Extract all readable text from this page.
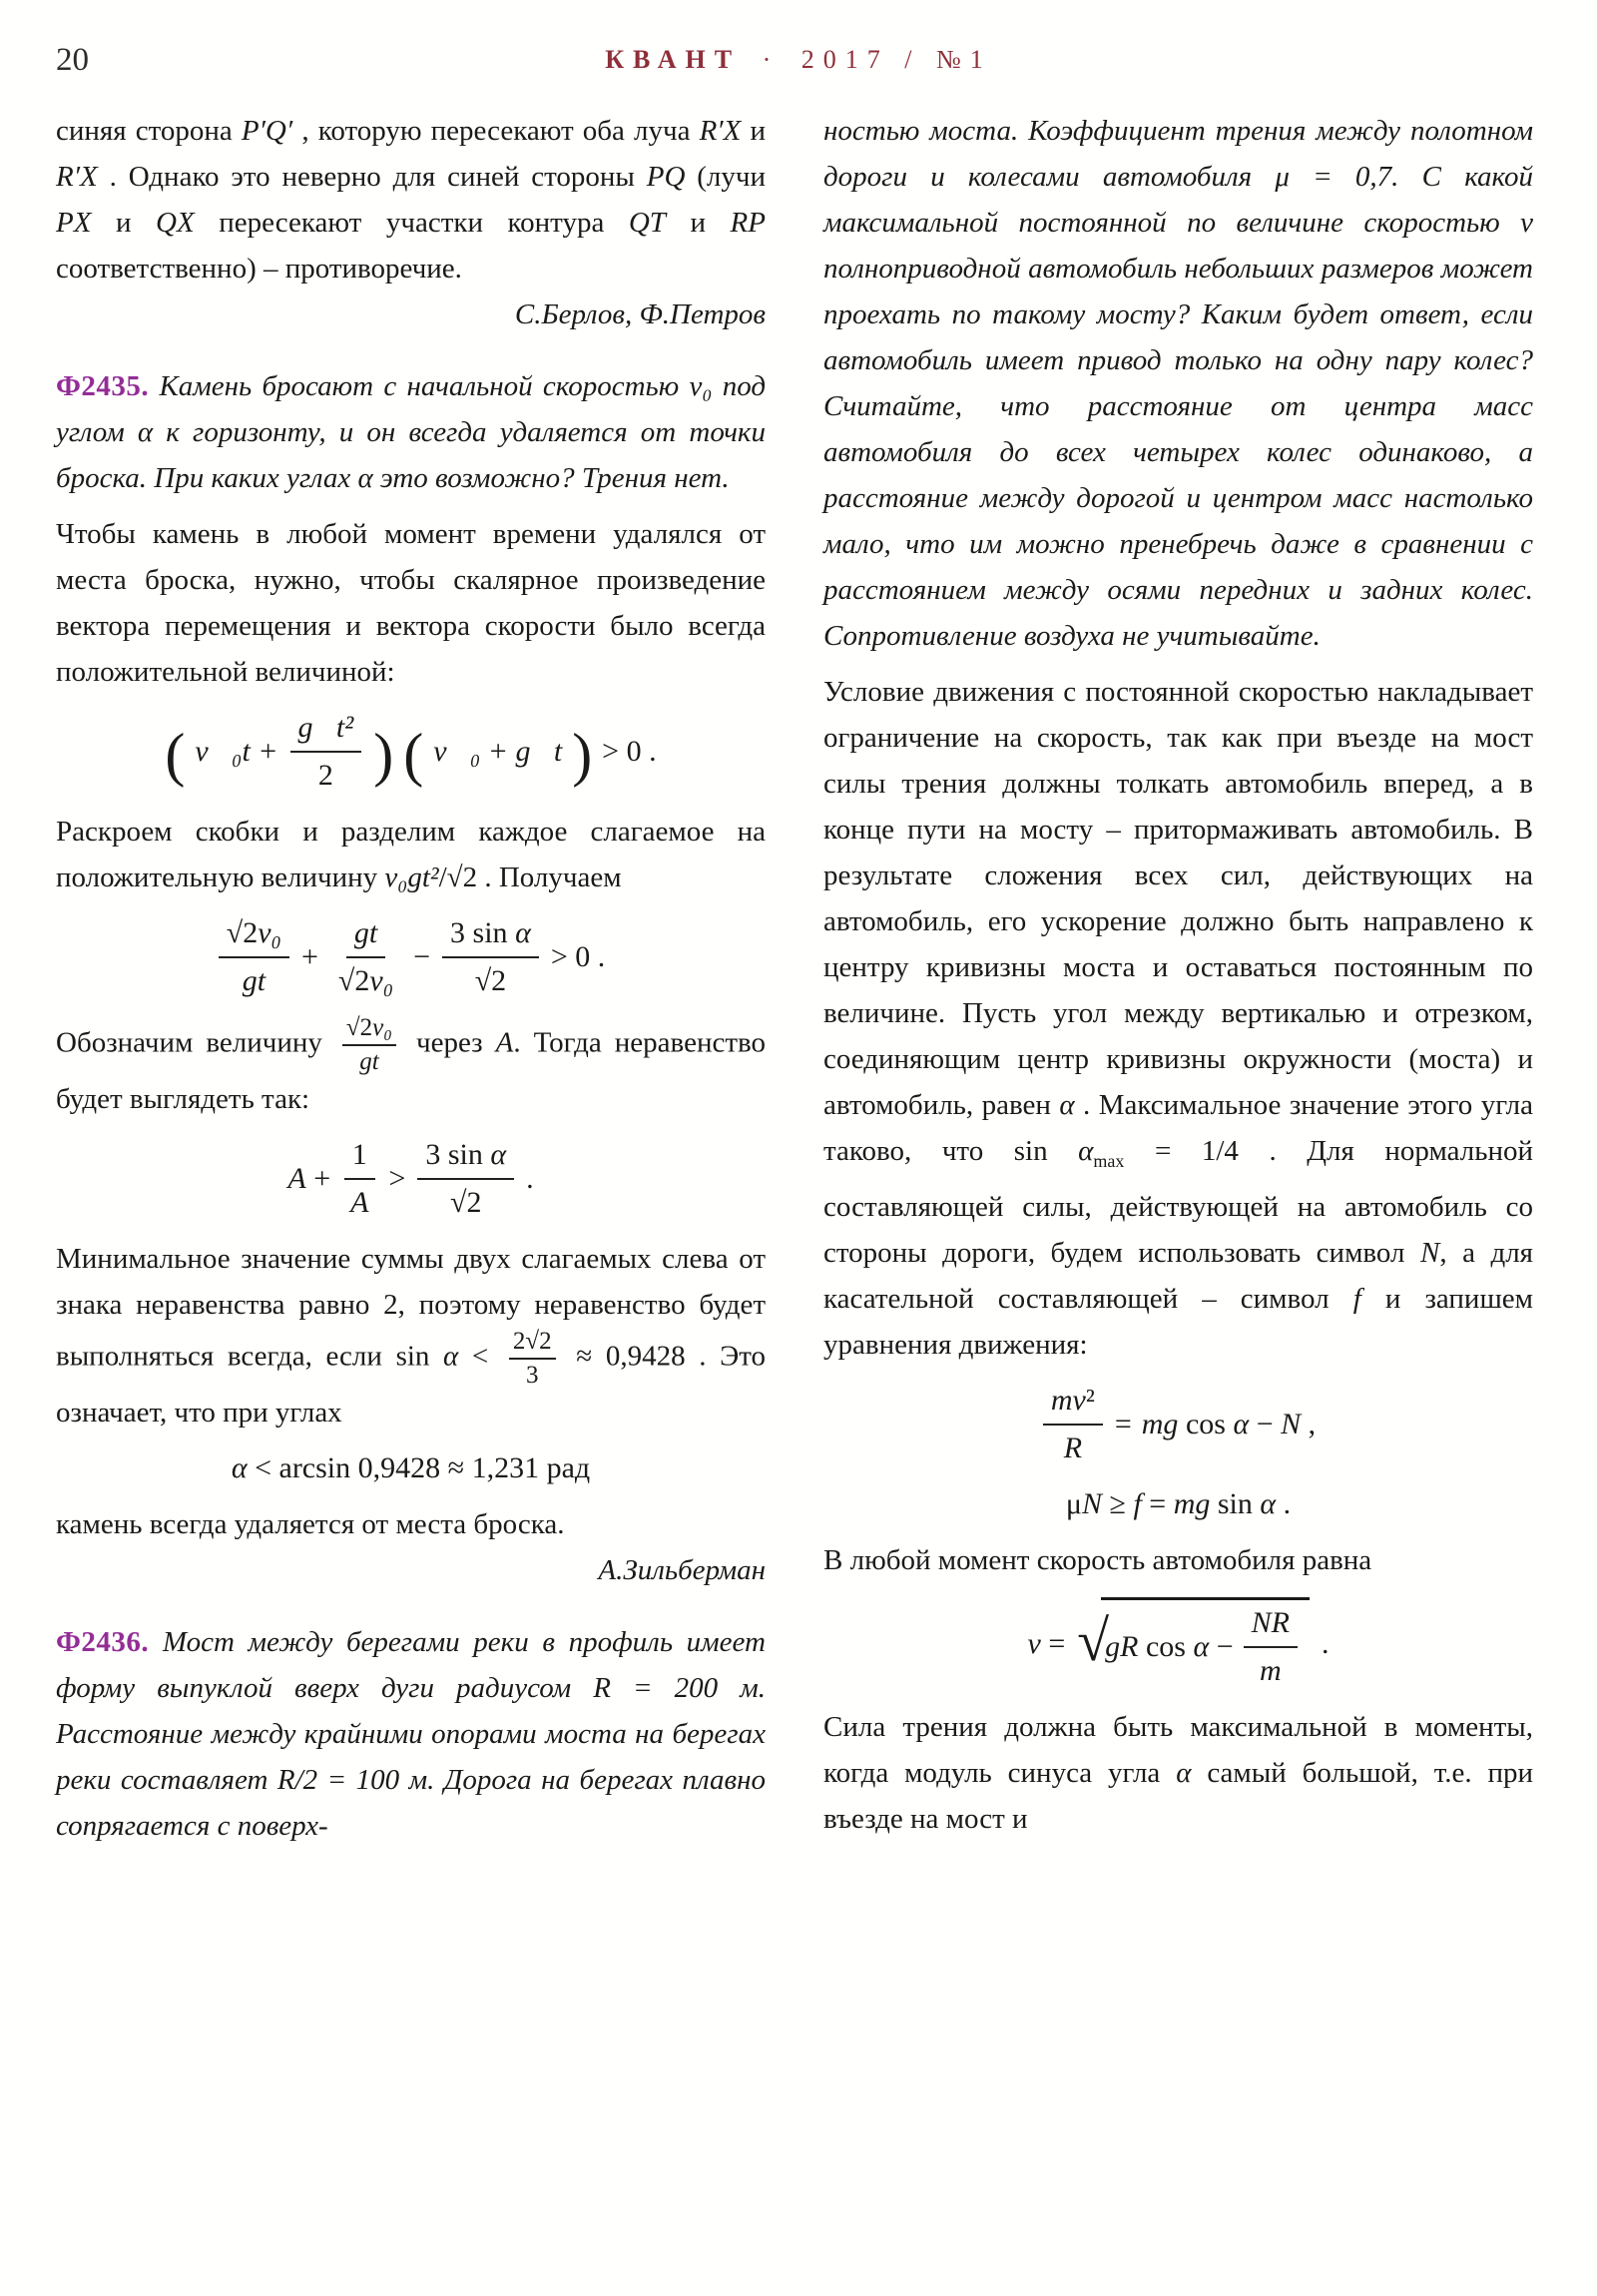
20	КВАНТ · 2017 / №1

синяя сторона P′Q′ , которую пересекают оба луча R′X и R′X . Однако это неверно для синей стороны PQ (лучи PX и QX пересекают участки контура QT и RP соответственно) – противоречие.

С.Берлов, Ф.Петров

Ф2435. Камень бросают с начальной скоростью v₀ под углом α к горизонту, и он всегда удаляется от точки броска. При каких углах α это возможно? Трения нет.

Чтобы камень в любой момент времени удалялся от места броска, нужно, чтобы скалярное произведение вектора перемещения и вектора скорости было всегда положительной величиной:

( v⃗₀t + $\frac{\text{g⃗t²}}{2}$ ) ( v⃗₀ + g⃗t ) > 0 .

Раскроем скобки и разделим каждое слагаемое на положительную величину v₀gt²/√2 . Получаем

$\frac{\text{√2v₀}}{gt} + \frac{gt}{\text{√2v₀}} - \frac{\text{3 sin α}}{√2} > 0$ .

Обозначим величину $\frac{\text{√2v₀}}{gt}$ через A. Тогда неравенство будет выглядеть так:

$A + \frac{1}{A} > \frac{\text{3 sin α}}{√2}$ .

Минимальное значение суммы двух слагаемых слева от знака неравенства равно 2, поэтому неравенство будет выполняться всегда, если $\sin \alpha < \frac{2√2}{3} \approx 0,9428$ . Это означает, что при углах

α < arcsin 0,9428 ≈ 1,231 рад

камень всегда удаляется от места броска.

А.Зильберман

Ф2436. Мост между берегами реки в профиль имеет форму выпуклой вверх дуги радиусом R = 200 м. Расстояние между крайними опорами моста на берегах реки составляет R/2 = 100 м. Дорога на берегах плавно сопрягается с поверх-

ностью моста. Коэффициент трения между полотном дороги и колесами автомобиля μ = 0,7. С какой максимальной постоянной по величине скоростью v полноприводной автомобиль небольших размеров может проехать по такому мосту? Каким будет ответ, если автомобиль имеет привод только на одну пару колес? Считайте, что расстояние от центра масс автомобиля до всех четырех колес одинаково, а расстояние между дорогой и центром масс настолько мало, что им можно пренебречь даже в сравнении с расстоянием между осями передних и задних колес. Сопротивление воздуха не учитывайте.

Условие движения с постоянной скоростью накладывает ограничение на скорость, так как при въезде на мост силы трения должны толкать автомобиль вперед, а в конце пути на мосту – притормаживать автомобиль. В результате сложения всех сил, действующих на автомобиль, его ускорение должно быть направлено к центру кривизны моста и оставаться постоянным по величине. Пусть угол между вертикалью и отрезком, соединяющим центр кривизны окружности (моста) и автомобиль, равен α . Максимальное значение этого угла таково, что $\sin \alpha_{max} = 1/4$ . Для нормальной составляющей силы, действующей на автомобиль со стороны дороги, будем использовать символ N, а для касательной составляющей – символ f и запишем уравнения движения:

$\frac{\text{mv²}}{R}$ = mg cos α − N ,
μN ≥ f = mg sin α .

В любой момент скорость автомобиля равна

v = √
gR $\cos \alpha - \frac{NR}{m}$ .

Сила трения должна быть максимальной в моменты, когда модуль синуса угла α самый большой, т.е. при въезде на мост и
